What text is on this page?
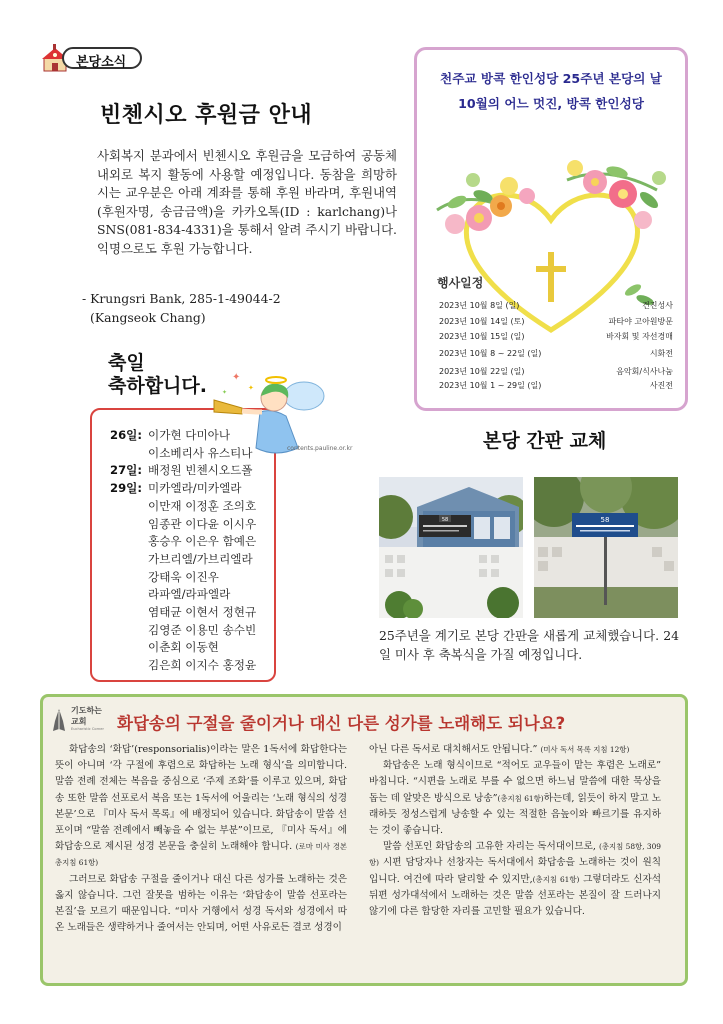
본당소식
빈첸시오 후원금 안내

사회복지 분과에서 빈첸시오 후원금을 모금하여 공동체 내외로 복지 활동에 사용할 예정입니다. 동참을 희망하시는 교우분은 아래 계좌를 통해 후원 바라며, 후원내역(후원자명, 송금금액)을 카카오톡(ID : karlchang)나 SNS(081-834-4331)을 통해서 알려 주시기 바랍니다. 익명으로도 후원 가능합니다.

- Krungsri Bank, 285-1-49044-2
(Kangseok Chang)
축일
축하합니다.
26일: 이가현 다미아나
이소베리사 유스티나
27일: 배정원 빈첸시오드폴
29일: 미카엘라/미카엘라
이만재 이정훈 조의호
임종관 이다윤 이시우
홍승우 이은우 함예은
가브리엘/가브리엘라
강태욱 이진우
라파엘/라파엘라
염태균 이현서 정현규
김영준 이용민 송수빈
이춘회 이동현
김은희 이지수 홍정윤
✦
✦
✦
contents.pauline.or.kr
천주교 방콕 한인성당 25주년 본당의 날
10월의 어느 멋진, 방콕 한인성당
행사일정
2023년 10월 8일 (일)	견진성사
2023년 10월 14일 (토)	파타야 고아원방문
2023년 10월 15일 (일)	바자회 및 자선경매
2023년 10월 8 ~ 22일 (일)	시화전
2023년 10월 22일 (일)	음악회/식사나눔
2023년 10월 1 ~ 29일 (일)	사진전
본당 간판 교체
58	58
25주년을 계기로 본당 간판을 새롭게 교체했습니다. 24일 미사 후 축복식을 가질 예정입니다.
기도하는
교회
Eucharistic Corner 화답송의 구절을 줄이거나 대신 다른 성가를 노래해도 되나요?

화답송의 ‘화답’(responsorialis)이라는 말은 1독서에 화답한다는 뜻이 아니며 ‘각 구절에 후렴으로 화답하는 노래 형식’을 의미합니다. 말씀 전례 전체는 복음을 중심으로 ‘주제 조화’를 이루고 있으며, 화답송 또한 말씀 선포로서 복음 또는 1독서에 어울리는 ‘노래 형식의 성경 본문’으로 『미사 독서 목록』에 배정되어 있습니다. 화답송이 말씀 선포이며 “말씀 전례에서 빼놓을 수 없는 부분”이므로, 『미사 독서』에 화답송으로 제시된 성경 본문을 충실히 노래해야 합니다. (로마 미사 경본 총지침 61항)

그러므로 화답송 구절을 줄이거나 대신 다른 성가를 노래하는 것은 옳지 않습니다. 그런 잘못을 범하는 이유는 ‘화답송이 말씀 선포라는 본질’을 모르기 때문입니다. “미사 거행에서 성경 독서와 성경에서 따온 노래들은 생략하거나 줄여서는 안되며, 어떤 사유로든 결코 성경이

아닌 다른 독서로 대치해서도 안됩니다.” (미사 독서 목록 지침 12항)

화답송은 노래 형식이므로 “적어도 교우들이 맡는 후렴은 노래로” 바칩니다. “시편을 노래로 부를 수 없으면 하느님 말씀에 대한 묵상을 돕는 데 알맞은 방식으로 낭송”(총지침 61항)하는데, 읽듯이 하지 말고 노래하듯 정성스럽게 낭송할 수 있는 적절한 음높이와 빠르기를 유지하는 것이 좋습니다.

말씀 선포인 화답송의 고유한 자리는 독서대이므로, (총지침 58항, 309항) 시편 담당자나 선창자는 독서대에서 화답송을 노래하는 것이 원칙입니다. 여건에 따라 달리할 수 있지만,(총지침 61항) 그렇더라도 신자석 뒤편 성가대석에서 노래하는 것은 말씀 선포라는 본질이 잘 드러나지 않기에 다른 합당한 자리를 고민할 필요가 있습니다.
